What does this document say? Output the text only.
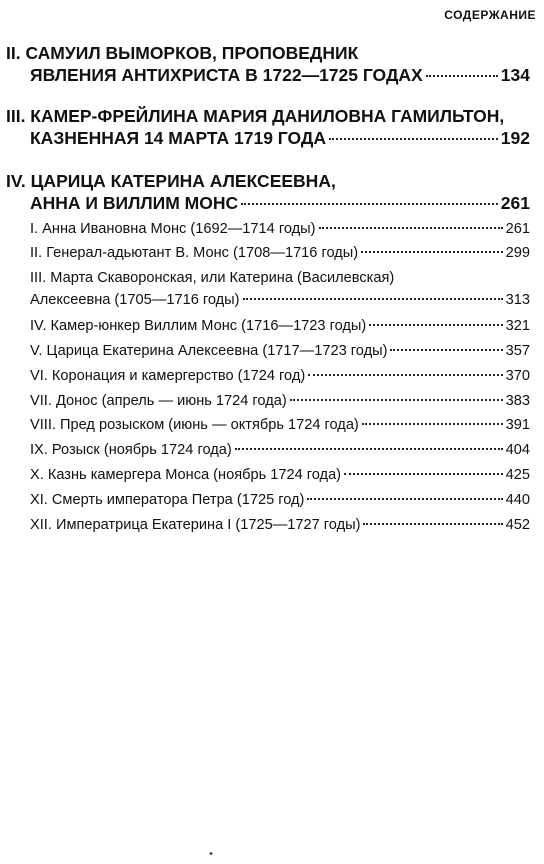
СОДЕРЖАНИЕ
II. САМУИЛ ВЫМОРКОВ, ПРОПОВЕДНИК
ЯВЛЕНИЯ АНТИХРИСТА В 1722—1725 ГОДАХ	134
III. КАМЕР-ФРЕЙЛИНА МАРИЯ ДАНИЛОВНА ГАМИЛЬТОН,
КАЗНЕННАЯ 14 МАРТА 1719 ГОДА	192
IV. ЦАРИЦА КАТЕРИНА АЛЕКСЕЕВНА,
АННА И ВИЛЛИМ МОНС	261
I. Анна Ивановна Монс (1692—1714 годы)	261
II. Генерал-адьютант В. Монс (1708—1716 годы)	299
III. Марта Скаворонская, или Катерина (Василевская)
Алексеевна (1705—1716 годы)	313
IV. Камер-юнкер Виллим Монс (1716—1723 годы)	321
V. Царица Екатерина Алексеевна (1717—1723 годы)	357
VI. Коронация и камергерство (1724 год)	370
VII. Донос (апрель — июнь 1724 года)	383
VIII. Пред розыском (июнь — октябрь 1724 года)	391
IX. Розыск (ноябрь 1724 года)	404
X. Казнь камергера Монса (ноябрь 1724 года)	425
XI. Смерть императора Петра (1725 год)	440
XII. Императрица Екатерина I (1725—1727 годы)	452
